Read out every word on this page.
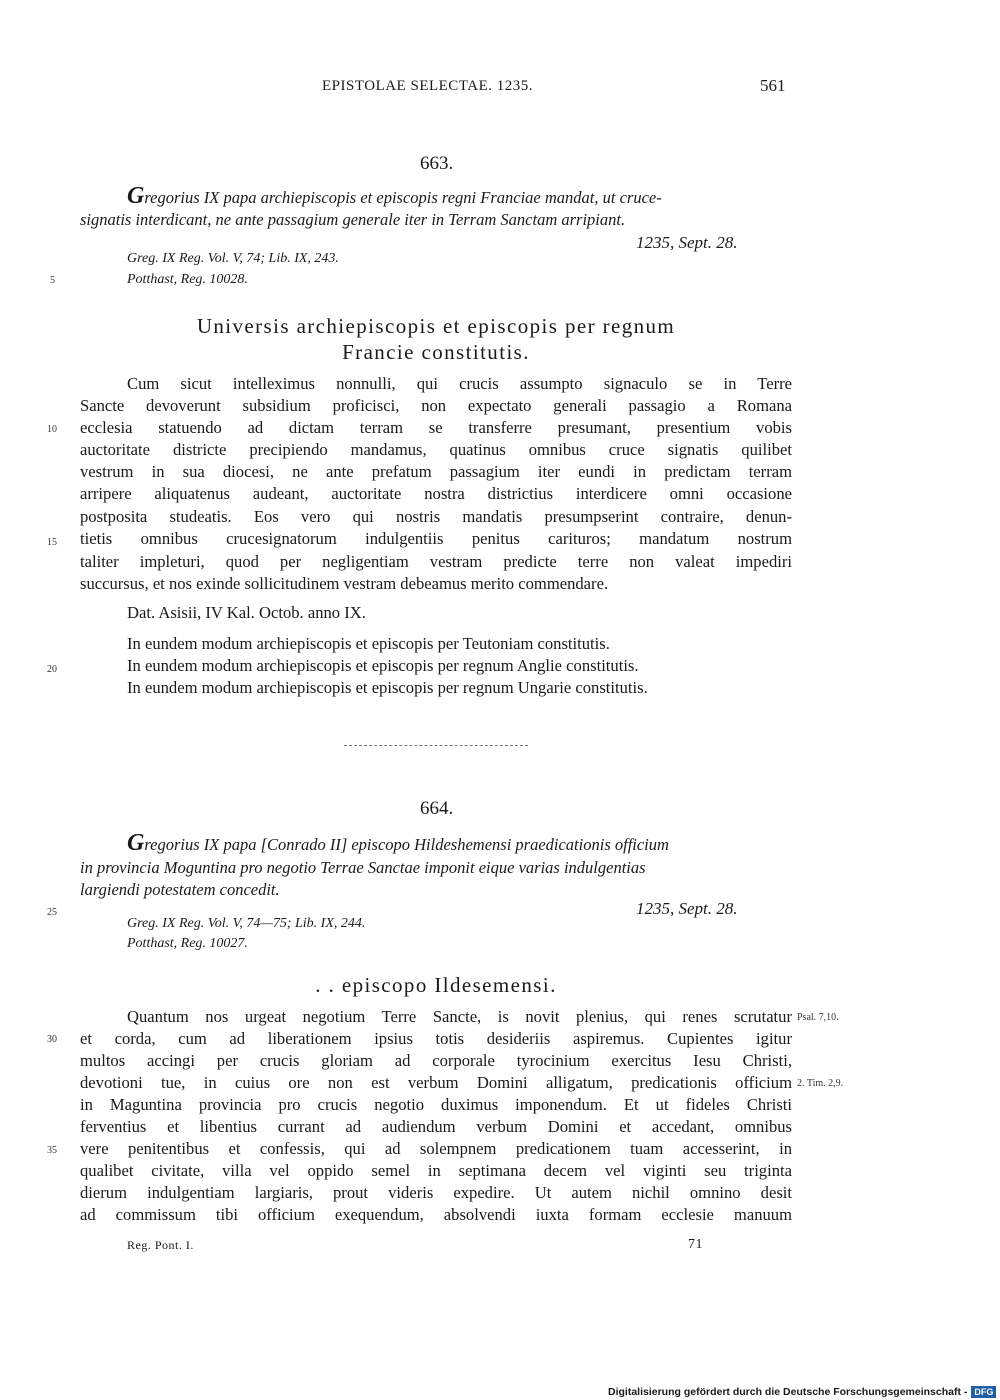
EPISTOLAE SELECTAE. 1235.	561
663.
Gregorius IX papa archiepiscopis et episcopis regni Franciae mandat, ut cruce-
signatis interdicant, ne ante passagium generale iter in Terram Sanctam arripiant.
1235, Sept. 28.
Greg. IX Reg. Vol. V, 74; Lib. IX, 243.
Potthast, Reg. 10028.
Universis archiepiscopis et episcopis per regnum
Francie constitutis.
Cum sicut intelleximus nonnulli, qui crucis assumpto signaculo se in Terre
Sancte devoverunt subsidium proficisci, non expectato generali passagio a Romana
ecclesia statuendo ad dictam terram se transferre presumant, presentium vobis
auctoritate districte precipiendo mandamus, quatinus omnibus cruce signatis quilibet
vestrum in sua diocesi, ne ante prefatum passagium iter eundi in predictam terram
arripere aliquatenus audeant, auctoritate nostra districtius interdicere omni occasione
postposita studeatis. Eos vero qui nostris mandatis presumpserint contraire, denun-
tietis omnibus crucesignatorum indulgentiis penitus carituros; mandatum nostrum
taliter impleturi, quod per negligentiam vestram predicte terre non valeat impediri
succursus, et nos exinde sollicitudinem vestram debeamus merito commendare.
Dat. Asisii, IV Kal. Octob. anno IX.
In eundem modum archiepiscopis et episcopis per Teutoniam constitutis.
In eundem modum archiepiscopis et episcopis per regnum Anglie constitutis.
In eundem modum archiepiscopis et episcopis per regnum Ungarie constitutis.
664.
Gregorius IX papa [Conrado II] episcopo Hildeshemensi praedicationis officium
in provincia Moguntina pro negotio Terrae Sanctae imponit eique varias indulgentias
largiendi potestatem concedit.
1235, Sept. 28.
Greg. IX Reg. Vol. V, 74—75; Lib. IX, 244.
Potthast, Reg. 10027.
. . episcopo Ildesemensi.
Quantum nos urgeat negotium Terre Sancte, is novit plenius, qui renes scrutatur
et corda, cum ad liberationem ipsius totis desideriis aspiremus. Cupientes igitur
multos accingi per crucis gloriam ad corporale tyrocinium exercitus Iesu Christi,
devotioni tue, in cuius ore non est verbum Domini alligatum, predicationis officium
in Maguntina provincia pro crucis negotio duximus imponendum. Et ut fideles Christi
ferventius et libentius currant ad audiendum verbum Domini et accedant, omnibus
vere penitentibus et confessis, qui ad solempnem predicationem tuam accesserint, in
qualibet civitate, villa vel oppido semel in septimana decem vel viginti seu triginta
dierum indulgentiam largiaris, prout videris expedire. Ut autem nichil omnino desit
ad commissum tibi officium exequendum, absolvendi iuxta formam ecclesie manuum
Psal. 7,10.
2. Tim. 2,9.
5
10
15
20
25
30
35
Reg. Pont. I.	71
Digitalisierung gefördert durch die Deutsche Forschungsgemeinschaft - DFG
